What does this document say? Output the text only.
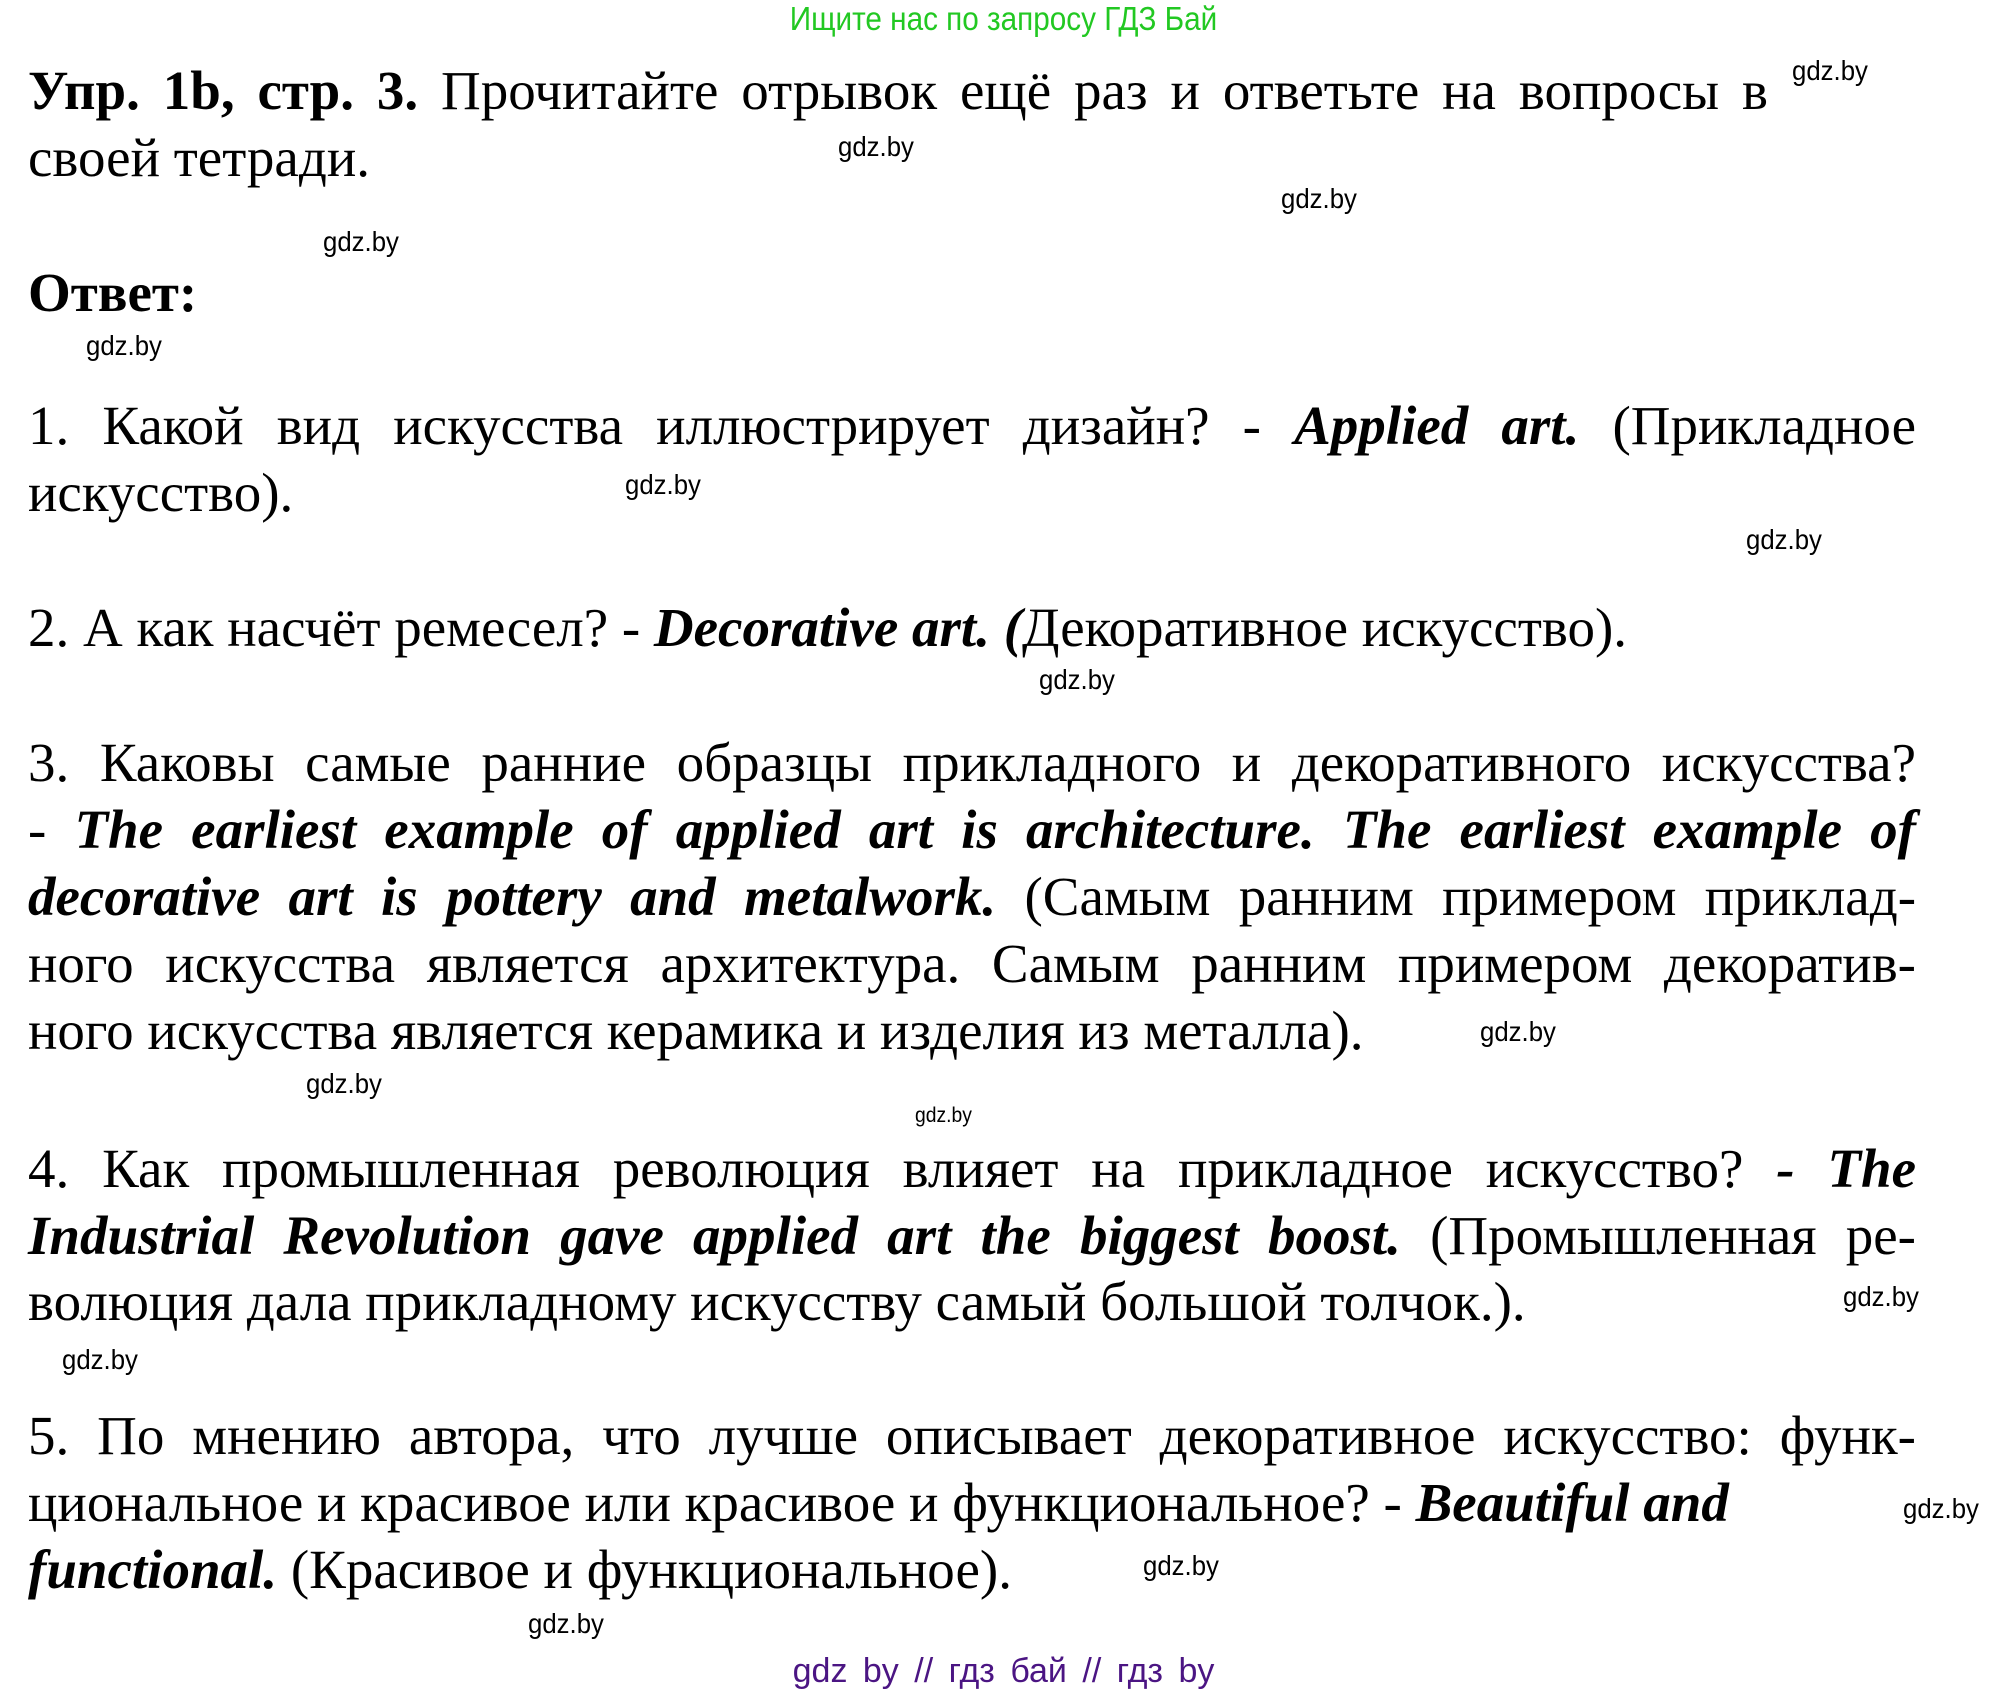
Ищите нас по запросу ГДЗ Бай
Упр. 1b, стр. 3. Прочитайте отрывок ещё раз и ответьте на вопросы в
своей тетради.
Ответ:
1. Какой вид искусства иллюстрирует дизайн? - Applied art. (Прикладное
искусство).
2. А как насчёт ремесел? - Decorative art. (Декоративное искусство).
3. Каковы самые ранние образцы прикладного и декоративного искусства?
- The earliest example of applied art is architecture. The earliest example of
decorative art is pottery and metalwork. (Самым ранним примером приклад-
ного искусства является архитектура. Самым ранним примером декоратив-
ного искусства является керамика и изделия из металла).
4. Как промышленная революция влияет на прикладное искусство? - The
Industrial Revolution gave applied art the biggest boost. (Промышленная ре-
волюция дала прикладному искусству самый большой толчок.).
5. По мнению автора, что лучше описывает декоративное искусство: функ-
циональное и красивое или красивое и функциональное? - Beautiful and
functional. (Красивое и функциональное).
gdz.by
gdz.by
gdz.by
gdz.by
gdz.by
gdz.by
gdz.by
gdz.by
gdz.by
gdz.by
gdz.by
gdz.by
gdz.by
gdz.by
gdz.by
gdz.by
gdz by // гдз бай // гдз by
